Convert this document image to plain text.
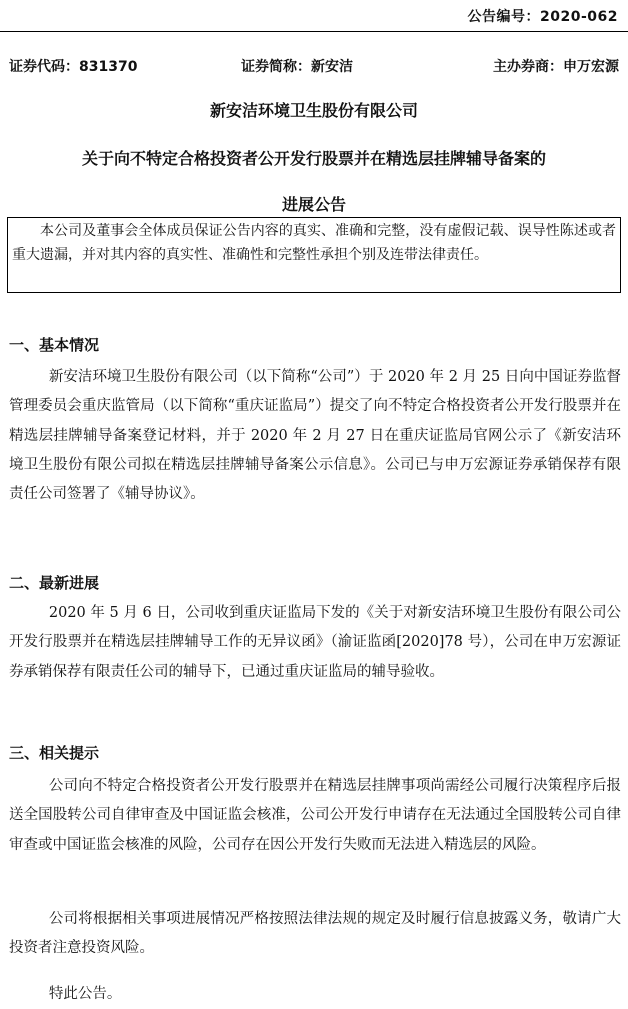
公告编号：2020-062
证券代码：831370	证券简称：新安洁	主办券商：申万宏源
新安洁环境卫生股份有限公司
关于向不特定合格投资者公开发行股票并在精选层挂牌辅导备案的
进展公告
本公司及董事会全体成员保证公告内容的真实、准确和完整，没有虚假记载、误导性陈述或者重大遗漏，并对其内容的真实性、准确性和完整性承担个别及连带法律责任。
一、基本情况
新安洁环境卫生股份有限公司（以下简称“公司”）于 2020 年 2 月 25 日向中国证券监督管理委员会重庆监管局（以下简称“重庆证监局”）提交了向不特定合格投资者公开发行股票并在精选层挂牌辅导备案登记材料，并于 2020 年 2 月 27 日在重庆证监局官网公示了《新安洁环境卫生股份有限公司拟在精选层挂牌辅导备案公示信息》。公司已与申万宏源证券承销保荐有限责任公司签署了《辅导协议》。
二、最新进展
2020 年 5 月 6 日，公司收到重庆证监局下发的《关于对新安洁环境卫生股份有限公司公开发行股票并在精选层挂牌辅导工作的无异议函》（渝证监函[2020]78 号），公司在申万宏源证券承销保荐有限责任公司的辅导下，已通过重庆证监局的辅导验收。
三、相关提示
公司向不特定合格投资者公开发行股票并在精选层挂牌事项尚需经公司履行决策程序后报送全国股转公司自律审查及中国证监会核准，公司公开发行申请存在无法通过全国股转公司自律审查或中国证监会核准的风险，公司存在因公开发行失败而无法进入精选层的风险。
公司将根据相关事项进展情况严格按照法律法规的规定及时履行信息披露义务，敬请广大投资者注意投资风险。
特此公告。
